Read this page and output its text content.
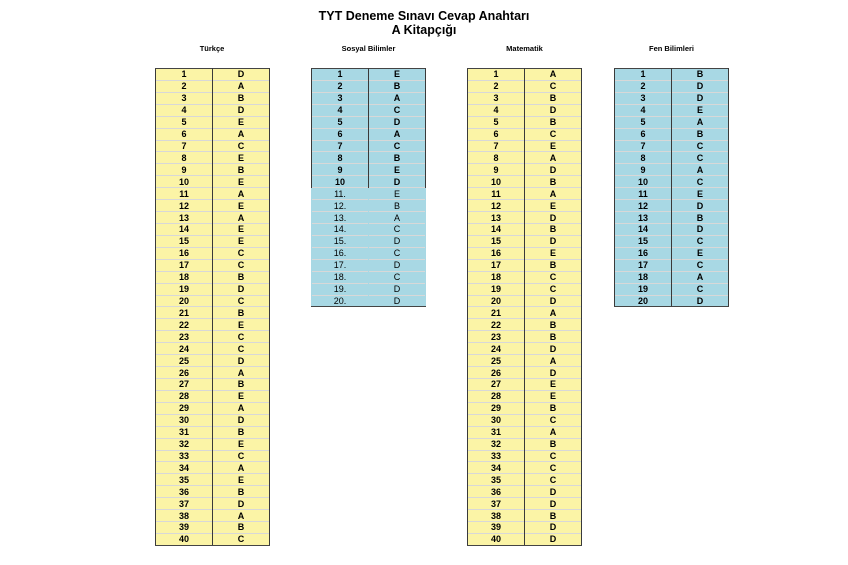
TYT Deneme Sınavı Cevap Anahtarı
A Kitapçığı
Türkçe	Sosyal Bilimler	Matematik	Fen Bilimleri
1	D
2	A
3	B
4	D
5	E
6	A
7	C
8	E
9	B
10	E
11	A
12	E
13	A
14	E
15	E
16	C
17	C
18	B
19	D
20	C
21	B
22	E
23	C
24	C
25	D
26	A
27	B
28	E
29	A
30	D
31	B
32	E
33	C
34	A
35	E
36	B
37	D
38	A
39	B
40	C
1	E
2	B
3	A
4	C
5	D
6	A
7	C
8	B
9	E
10	D
11.	E
12.	B
13.	A
14.	C
15.	D
16.	C
17.	D
18.	C
19.	D
20.	D
1	A
2	C
3	B
4	D
5	B
6	C
7	E
8	A
9	D
10	B
11	A
12	E
13	D
14	B
15	D
16	E
17	B
18	C
19	C
20	D
21	A
22	B
23	B
24	D
25	A
26	D
27	E
28	E
29	B
30	C
31	A
32	B
33	C
34	C
35	C
36	D
37	D
38	B
39	D
40	D
1	B
2	D
3	D
4	E
5	A
6	B
7	C
8	C
9	A
10	C
11	E
12	D
13	B
14	D
15	C
16	E
17	C
18	A
19	C
20	D
